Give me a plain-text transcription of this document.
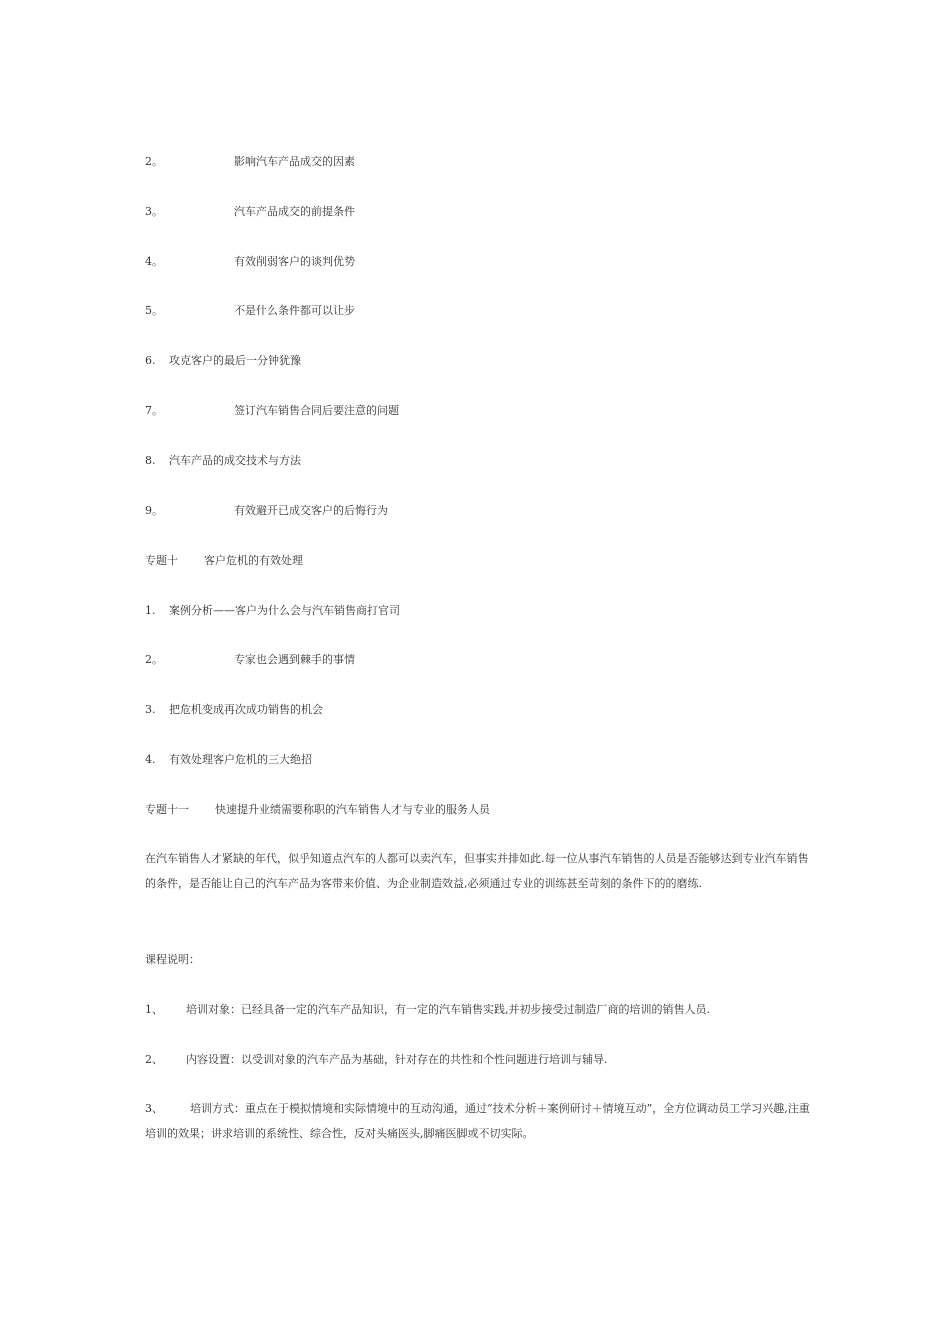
2。	影响汽车产品成交的因素
3。	汽车产品成交的前提条件
4。	有效削弱客户的谈判优势
5。	不是什么条件都可以让步
6. 攻克客户的最后一分钟犹豫
7。	签订汽车销售合同后要注意的问题
8. 汽车产品的成交技术与方法
9。	有效避开已成交客户的后悔行为
专题十 客户危机的有效处理
1. 案例分析——客户为什么会与汽车销售商打官司
2。	专家也会遇到棘手的事情
3. 把危机变成再次成功销售的机会
4. 有效处理客户危机的三大绝招
专题十一 快速提升业绩需要称职的汽车销售人才与专业的服务人员
在汽车销售人才紧缺的年代，似乎知道点汽车的人都可以卖汽车，但事实并排如此.每一位从事汽车销售的人员是否能够达到专业汽车销售的条件，是否能让自己的汽车产品为客带来价值、为企业制造效益,必须通过专业的训练甚至苛刻的条件下的的磨练.
课程说明：
1、 培训对象：已经具备一定的汽车产品知识，有一定的汽车销售实践,并初步接受过制造厂商的培训的销售人员.
2、 内容设置：以受训对象的汽车产品为基础，针对存在的共性和个性问题进行培训与辅导.
3、 培训方式：重点在于模拟情境和实际情境中的互动沟通，通过“技术分析＋案例研讨＋情境互动”，全方位调动员工学习兴趣,注重培训的效果；讲求培训的系统性、综合性，反对头痛医头,脚痛医脚或不切实际。
